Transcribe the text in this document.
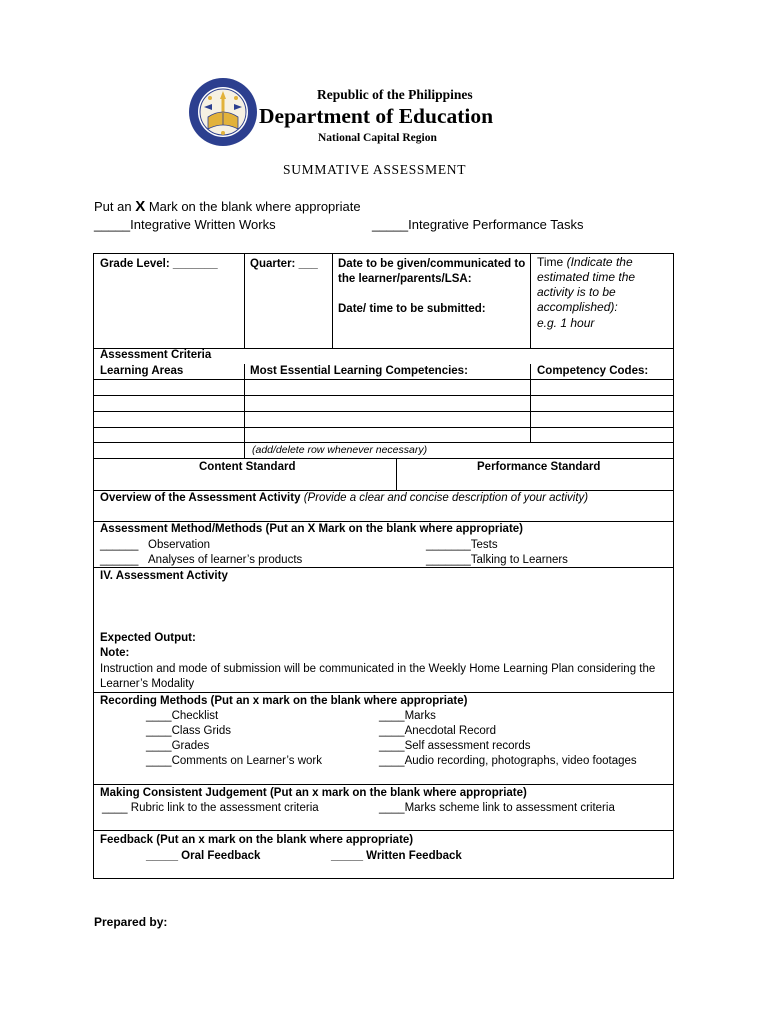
Republic of the Philippines
Department of Education
National Capital Region
SUMMATIVE ASSESSMENT
Put an X Mark on the blank where appropriate
_____Integrative Written Works	_____Integrative Performance Tasks
Grade Level: _______	Quarter: ___ Date to be given/communicated to
the learner/parents/LSA:
Date/ time to be submitted:
Time (Indicate the
estimated time the
activity is to be
accomplished):
e.g. 1 hour
Assessment Criteria
Learning Areas	Most Essential Learning Competencies:	Competency Codes:
(add/delete row whenever necessary)
Content Standard	Performance Standard
Overview of the Assessment Activity (Provide a clear and concise description of your activity)
Assessment Method/Methods (Put an X Mark on the blank where appropriate)
______ Observation
______ Analyses of learner’s products
_______Tests
_______Talking to Learners
IV. Assessment Activity
Expected Output:
Note:
Instruction and mode of submission will be communicated in the Weekly Home Learning Plan considering the
Learner’s Modality
Recording Methods (Put an x mark on the blank where appropriate)
____Checklist
____Class Grids
____Grades
____Comments on Learner’s work
____Marks
____Anecdotal Record
____Self assessment records
____Audio recording, photographs, video footages
Making Consistent Judgement (Put an x mark on the blank where appropriate)
____ Rubric link to the assessment criteria	____Marks scheme link to assessment criteria
Feedback (Put an x mark on the blank where appropriate)
_____ Oral Feedback	_____ Written Feedback
Prepared by:
